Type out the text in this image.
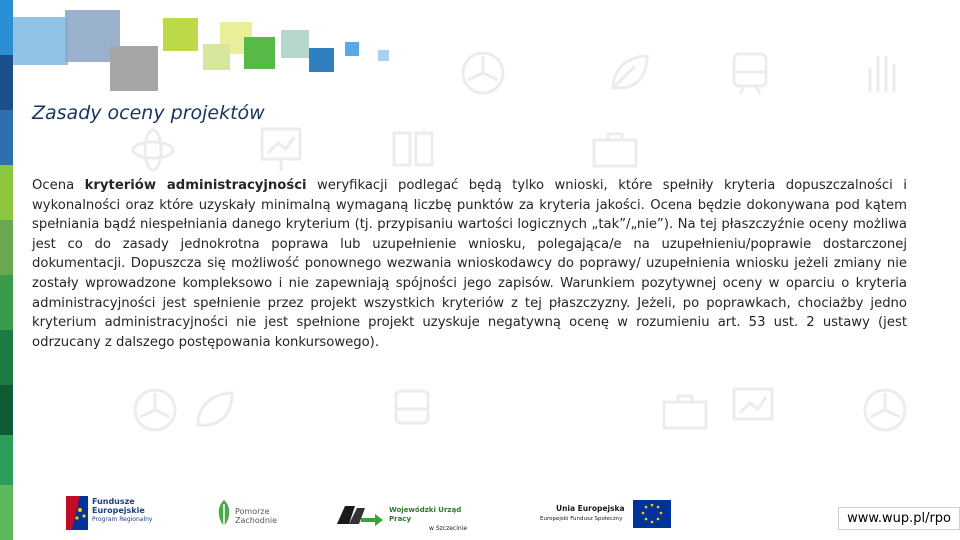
Zasady oceny projektów

Ocena kryteriów administracyjności weryfikacji podlegać będą tylko wnioski, które spełniły kryteria dopuszczalności i wykonalności oraz które uzyskały minimalną wymaganą liczbę punktów za kryteria jakości. Ocena będzie dokonywana pod kątem spełniania bądź niespełniania danego kryterium (tj. przypisaniu wartości logicznych „tak”/„nie”). Na tej płaszczyźnie oceny możliwa jest co do zasady jednokrotna poprawa lub uzupełnienie wniosku, polegająca/e na uzupełnieniu/poprawie dostarczonej dokumentacji. Dopuszcza się możliwość ponownego wezwania wnioskodawcy do poprawy/ uzupełnienia wniosku jeżeli zmiany nie zostały wprowadzone kompleksowo i nie zapewniają spójności jego zapisów. Warunkiem pozytywnej oceny w oparciu o kryteria administracyjności jest spełnienie przez projekt wszystkich kryteriów z tej płaszczyzny. Jeżeli, po poprawkach, chociażby jedno kryterium administracyjności nie jest spełnione projekt uzyskuje negatywną ocenę w rozumieniu art. 53 ust. 2 ustawy (jest odrzucany z dalszego postępowania konkursowego).

Fundusze
Europejskie
Program Regionalny
Pomorze
Zachodnie
Wojewódzki Urząd Pracy
w Szczecinie
Unia Europejska
Europejski Fundusz Społeczny	www.wup.pl/rpo
